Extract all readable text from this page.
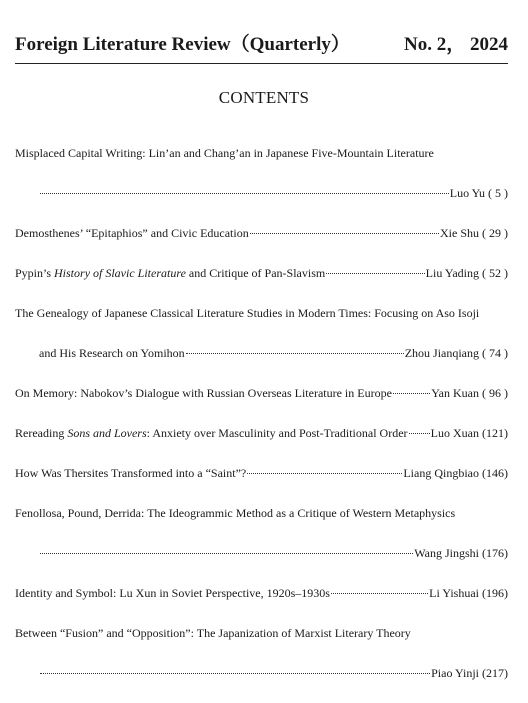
Foreign Literature Review（Quarterly）	No. 2， 2024
CONTENTS
Misplaced Capital Writing: Lin’an and Chang’an in Japanese Five-Mountain Literature
Luo Yu ( 5 )
Demosthenes’ “Epitaphios” and Civic Education	Xie Shu ( 29 )
Pypin’s History of Slavic Literature and Critique of Pan-Slavism	Liu Yading ( 52 )
The Genealogy of Japanese Classical Literature Studies in Modern Times: Focusing on Aso Isoji
and His Research on Yomihon	Zhou Jianqiang ( 74 )
On Memory: Nabokov’s Dialogue with Russian Overseas Literature in Europe	Yan Kuan ( 96 )
Rereading Sons and Lovers: Anxiety over Masculinity and Post-Traditional Order Luo Xuan (121)
How Was Thersites Transformed into a “Saint”?	Liang Qingbiao (146)
Fenollosa, Pound, Derrida: The Ideogrammic Method as a Critique of Western Metaphysics
Wang Jingshi (176)
Identity and Symbol: Lu Xun in Soviet Perspective, 1920s–1930s	Li Yishuai (196)
Between “Fusion” and “Opposition”: The Japanization of Marxist Literary Theory
Piao Yinji (217)
